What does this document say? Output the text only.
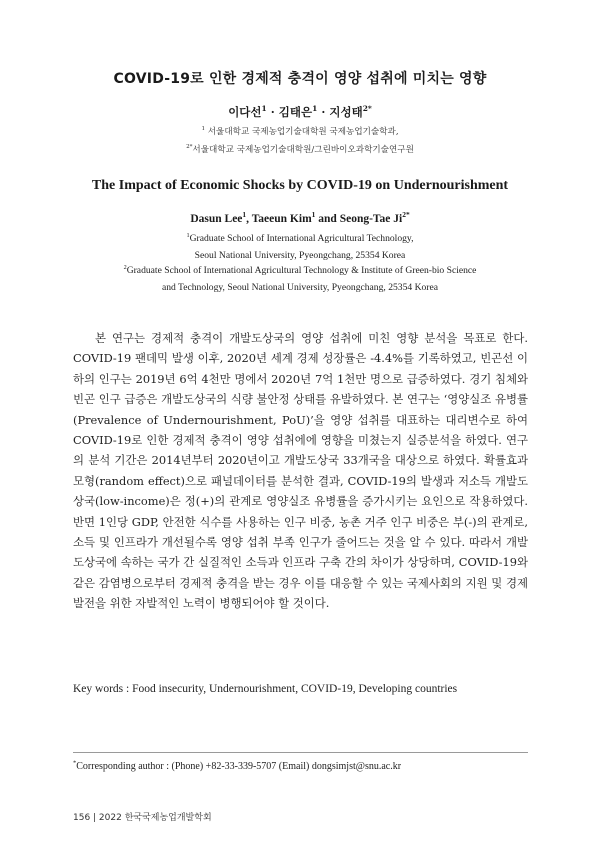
COVID-19로 인한 경제적 충격이 영양 섭취에 미치는 영향
이다선$^1$ · 김태은$^1$ · 지성태$^{2*}$
$^1$ 서울대학교 국제농업기술대학원 국제농업기술학과,
$^{2*}$서울대학교 국제농업기술대학원/그린바이오과학기술연구원
The Impact of Economic Shocks by COVID-19 on Undernourishment
Dasun Lee$^1$, Taeeun Kim$^1$ and Seong-Tae $Ji^{2*}$
$^1$Graduate School of International Agricultural Technology,
Seoul National University, Pyeongchang, 25354 Korea
$^2$Graduate School of International Agricultural Technology & Institute of Green-bio Science
and Technology, Seoul National University, Pyeongchang, 25354 Korea

본 연구는 경제적 충격이 개발도상국의 영양 섭취에 미친 영향 분석을 목표로 한다. COVID-19 팬데믹 발생 이후, 2020년 세계 경제 성장률은 -4.4%를 기록하였고, 빈곤선 이하의 인구는 2019년 6억 4천만 명에서 2020년 7억 1천만 명으로 급증하였다. 경기 침체와 빈곤 인구 급증은 개발도상국의 식량 불안정 상태를 유발하였다. 본 연구는 ‘영양실조 유병률(Prevalence of Undernourishment, PoU)’을 영양 섭취를 대표하는 대리변수로 하여 COVID-19로 인한 경제적 충격이 영양 섭취에에 영향을 미쳤는지 실증분석을 하였다. 연구의 분석 기간은 2014년부터 2020년이고 개발도상국 33개국을 대상으로 하였다. 확률효과모형(random effect)으로 패널데이터를 분석한 결과, COVID-19의 발생과 저소득 개발도상국(low-income)은 정(+)의 관계로 영양실조 유병률을 증가시키는 요인으로 작용하였다. 반면 1인당 GDP, 안전한 식수를 사용하는 인구 비중, 농촌 거주 인구 비중은 부(-)의 관계로, 소득 및 인프라가 개선될수록 영양 섭취 부족 인구가 줄어드는 것을 알 수 있다. 따라서 개발도상국에 속하는 국가 간 실질적인 소득과 인프라 구축 간의 차이가 상당하며, COVID-19와 같은 감염병으로부터 경제적 충격을 받는 경우 이를 대응할 수 있는 국제사회의 지원 및 경제발전을 위한 자발적인 노력이 병행되어야 할 것이다.

Key words : Food insecurity, Undernourishment, COVID-19, Developing countries
*Corresponding author : (Phone) +82-33-339-5707 (Email) dongsimjst@snu.ac.kr
156 | 2022 한국국제농업개발학회
